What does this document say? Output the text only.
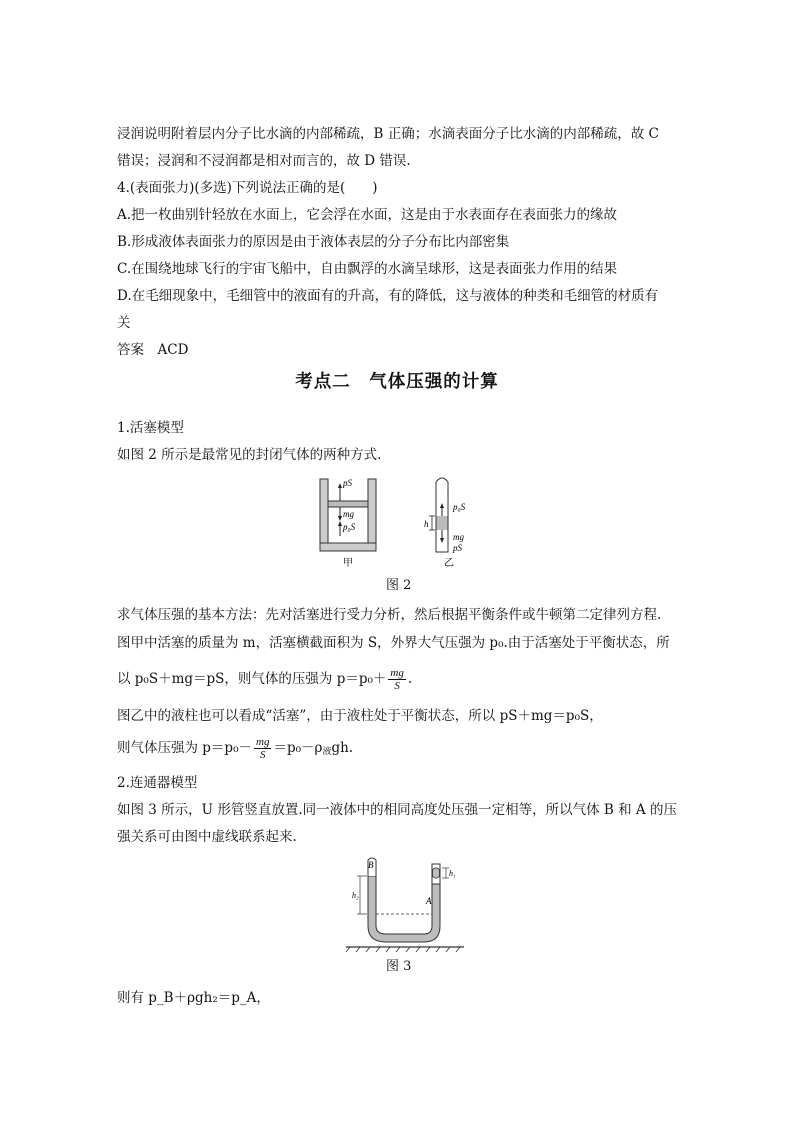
浸润说明附着层内分子比水滴的内部稀疏，B 正确；水滴表面分子比水滴的内部稀疏，故 C
错误；浸润和不浸润都是相对而言的，故 D 错误.
4.(表面张力)(多选)下列说法正确的是(　　)
A.把一枚曲别针轻放在水面上，它会浮在水面，这是由于水表面存在表面张力的缘故
B.形成液体表面张力的原因是由于液体表层的分子分布比内部密集
C.在围绕地球飞行的宇宙飞船中，自由飘浮的水滴呈球形，这是表面张力作用的结果
D.在毛细现象中，毛细管中的液面有的升高，有的降低，这与液体的种类和毛细管的材质有
关
答案　ACD
考点二　气体压强的计算
1.活塞模型
如图 2 所示是最常见的封闭气体的两种方式.
pS
mg
p₀S
甲
p₀S
h
mg
pS
乙
图 2
求气体压强的基本方法：先对活塞进行受力分析，然后根据平衡条件或牛顿第二定律列方程.
图甲中活塞的质量为 m，活塞横截面积为 S，外界大气压强为 p₀.由于活塞处于平衡状态，所
以 p₀S＋mg＝pS，则气体的压强为 $p=p_0+ \frac{mg}{S}$ .
图乙中的液柱也可以看成“活塞”，由于液柱处于平衡状态，所以 pS＋mg＝p₀S，
则气体压强为 $p=p_0- \frac{mg}{S} =p_0-\rho_液gh$.
2.连通器模型
如图 3 所示，U 形管竖直放置.同一液体中的相同高度处压强一定相等，所以气体 B 和 A 的压
强关系可由图中虚线联系起来.
B
A
h₂
h₁
图 3
则有 p_B＋ρgh₂＝p_A，
